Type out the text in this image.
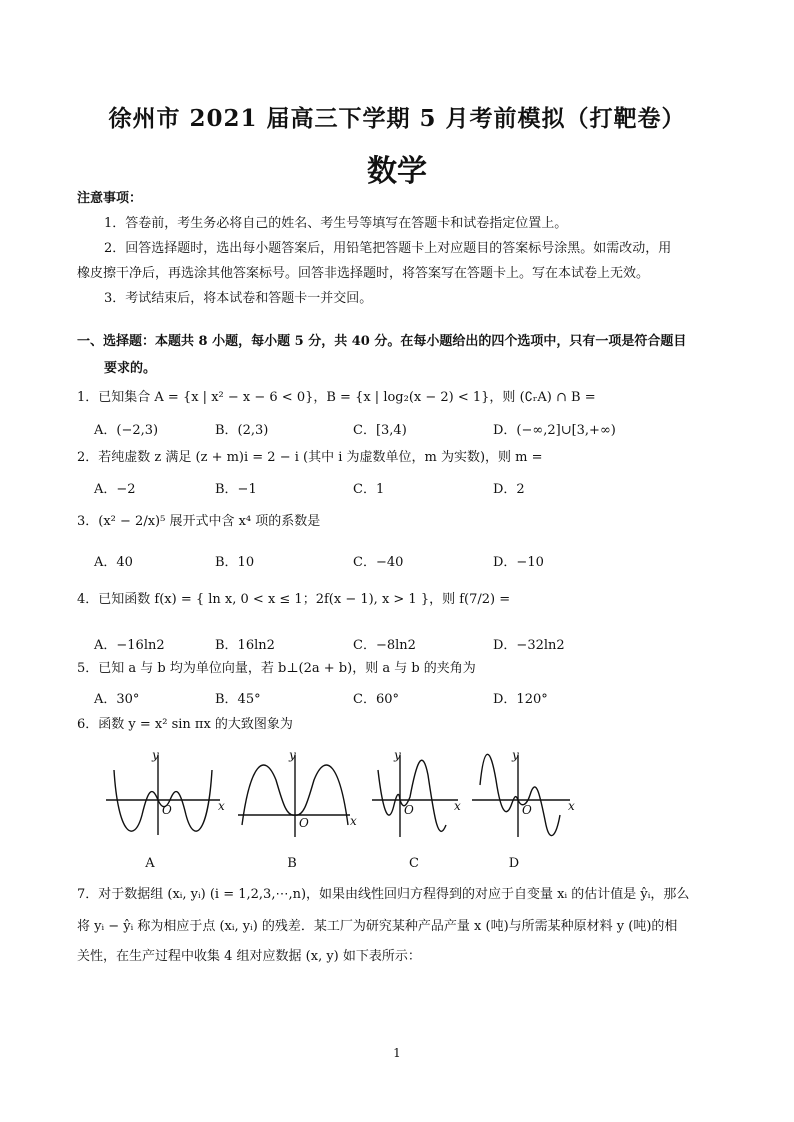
徐州市 2021 届高三下学期 5 月考前模拟（打靶卷）
数学
注意事项：
1．答卷前，考生务必将自己的姓名、考生号等填写在答题卡和试卷指定位置上。
2．回答选择题时，选出每小题答案后，用铅笔把答题卡上对应题目的答案标号涂黑。如需改动，用
橡皮擦干净后，再选涂其他答案标号。回答非选择题时，将答案写在答题卡上。写在本试卷上无效。
3．考试结束后，将本试卷和答题卡一并交回。
一、选择题：本题共 8 小题，每小题 5 分，共 40 分。在每小题给出的四个选项中，只有一项是符合题目
要求的。
1．已知集合 A = {x | x² − x − 6 < 0}，B = {x | log₂(x − 2) < 1}，则 (∁ᵣA) ∩ B =
A．(−2,3)	B．(2,3)	C．[3,4)	D．(−∞,2]∪[3,+∞)
2．若纯虚数 z 满足 (z + m)i = 2 − i (其中 i 为虚数单位，m 为实数)，则 m =
A．−2	B．−1	C．1	D．2
3．(x² − 2/x)⁵ 展开式中含 x⁴ 项的系数是
A．40	B．10	C．−40	D．−10
4．已知函数 f(x) = { ln x, 0 < x ≤ 1；2f(x − 1), x > 1 }，则 f(7/2) =
A．−16ln2	B．16ln2	C．−8ln2	D．−32ln2
5．已知 a 与 b 均为单位向量，若 b⊥(2a + b)，则 a 与 b 的夹角为
A．30°	B．45°	C．60°	D．120°
6．函数 y = x² sin πx 的大致图象为
y
x
O
y
x
O
y
x
O
y
x
O
A	B	C	D
7．对于数据组 (xᵢ, yᵢ) (i = 1,2,3,⋯,n)，如果由线性回归方程得到的对应于自变量 xᵢ 的估计值是 ŷᵢ，那么
将 yᵢ − ŷᵢ 称为相应于点 (xᵢ, yᵢ) 的残差．某工厂为研究某种产品产量 x (吨)与所需某种原材料 y (吨)的相
关性，在生产过程中收集 4 组对应数据 (x, y) 如下表所示：
1
